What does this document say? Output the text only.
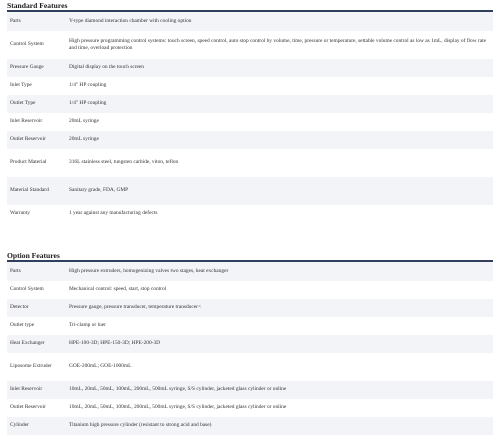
Standard Features
Parts	Y-type diamond interaction chamber with cooling option
Control System	High pressure programming control systems: touch screen, speed control, auto stop control by volume, time, pressure or temperature, settable volume control as low as 1mL, display of flow rate and time, overload protection
Pressure Gauge	Digital display on the touch screen
Inlet Type	1/4" HP coupling
Outlet Type	1/4" HP coupling
Inlet Reservoir	20mL syringe
Outlet Reservoir	20mL syringe
Product Material	316L stainless steel, tungsten carbide, viton, teflon
Material Standard	Sanitary grade, FDA, GMP
Warranty	1 year against any manufacturing defects
Option Features
Parts	High pressure extruders, homogenizing valves two stages, heat exchanger
Control System	Mechanical control: speed, start, stop control
Detector	Pressure gauge, pressure transducer, temperature transducer<
Outlet type	Tri-clamp or luer
Heat Exchanger	HPE-100-3D; HPE-150-3D; HPE-200-3D
Liposome Extruder	GOE-200mL; GOE-1000mL
Inlet Reservoir	10mL, 20mL, 50mL, 100mL, 200mL, 500mL syringe, S/S cylinder, jacketed glass cylinder or online
Outlet Reservoir	10mL, 20mL, 50mL, 100mL, 200mL, 500mL syringe, S/S cylinder, jacketed glass cylinder or online
Cylinder	Titanium high pressure cylinder (resistant to strong acid and base)
